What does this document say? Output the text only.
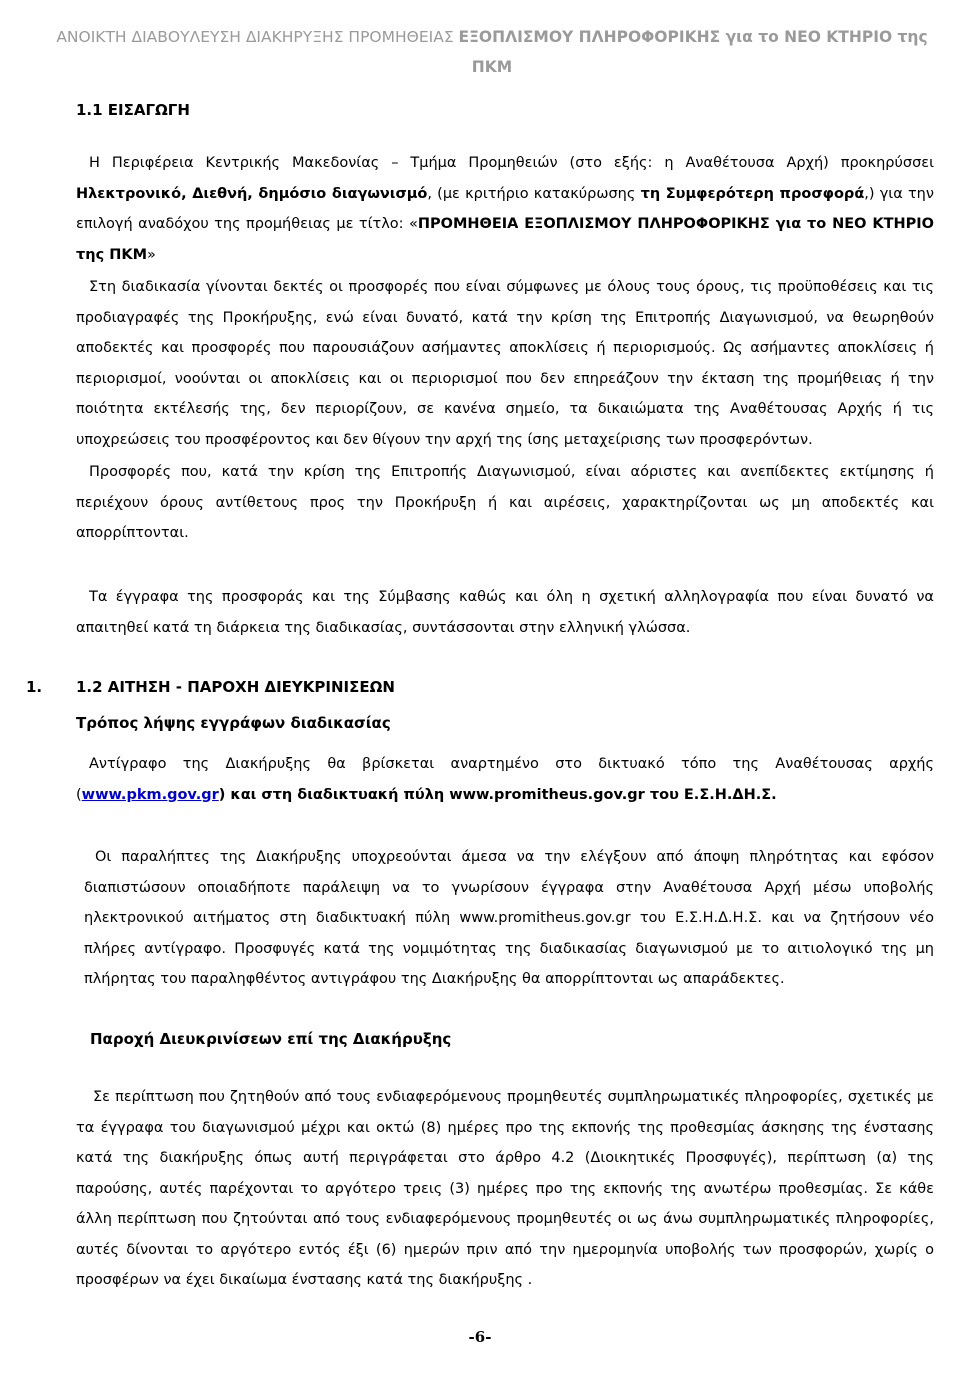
ΑΝΟΙΚΤΗ ΔΙΑΒΟΥΛΕΥΣΗ ΔΙΑΚΗΡΥΞΗΣ ΠΡΟΜΗΘΕΙΑΣ ΕΞΟΠΛΙΣΜΟΥ ΠΛΗΡΟΦΟΡΙΚΗΣ για το ΝΕΟ ΚΤΗΡΙΟ της ΠΚΜ
1.1 ΕΙΣΑΓΩΓΗ
Η Περιφέρεια Κεντρικής Μακεδονίας – Τμήμα Προμηθειών (στο εξής: η Αναθέτουσα Αρχή) προκηρύσσει Ηλεκτρονικό, Διεθνή, δημόσιο διαγωνισμό, (με κριτήριο κατακύρωσης τη Συμφερότερη προσφορά,) για την επιλογή αναδόχου της προμήθειας με τίτλο: «ΠΡΟΜΗΘΕΙΑ ΕΞΟΠΛΙΣΜΟΥ ΠΛΗΡΟΦΟΡΙΚΗΣ για το ΝΕΟ ΚΤΗΡΙΟ της ΠΚΜ»
Στη διαδικασία γίνονται δεκτές οι προσφορές που είναι σύμφωνες με όλους τους όρους, τις προϋποθέσεις και τις προδιαγραφές της Προκήρυξης, ενώ είναι δυνατό, κατά την κρίση της Επιτροπής Διαγωνισμού, να θεωρηθούν αποδεκτές και προσφορές που παρουσιάζουν ασήμαντες αποκλίσεις ή περιορισμούς. Ως ασήμαντες αποκλίσεις ή περιορισμοί, νοούνται οι αποκλίσεις και οι περιορισμοί που δεν επηρεάζουν την έκταση της προμήθειας ή την ποιότητα εκτέλεσής της, δεν περιορίζουν, σε κανένα σημείο, τα δικαιώματα της Αναθέτουσας Αρχής ή τις υποχρεώσεις του προσφέροντος και δεν θίγουν την αρχή της ίσης μεταχείρισης των προσφερόντων.
Προσφορές που, κατά την κρίση της Επιτροπής Διαγωνισμού, είναι αόριστες και ανεπίδεκτες εκτίμησης ή περιέχουν όρους αντίθετους προς την Προκήρυξη ή και αιρέσεις, χαρακτηρίζονται ως μη αποδεκτές και απορρίπτονται.
Τα έγγραφα της προσφοράς και της Σύμβασης καθώς και όλη η σχετική αλληλογραφία που είναι δυνατό να απαιτηθεί κατά τη διάρκεια της διαδικασίας, συντάσσονται στην ελληνική γλώσσα.
1. 1.2 ΑΙΤΗΣΗ - ΠΑΡΟΧΗ ΔΙΕΥΚΡΙΝΙΣΕΩΝ
Τρόπος λήψης εγγράφων διαδικασίας
Αντίγραφο της Διακήρυξης θα βρίσκεται αναρτημένο στο δικτυακό τόπο της Αναθέτουσας αρχής (www.pkm.gov.gr) και στη διαδικτυακή πύλη www.promitheus.gov.gr του Ε.Σ.Η.ΔΗ.Σ.
Οι παραλήπτες της Διακήρυξης υποχρεούνται άμεσα να την ελέγξουν από άποψη πληρότητας και εφόσον διαπιστώσουν οποιαδήποτε παράλειψη να το γνωρίσουν έγγραφα στην Αναθέτουσα Αρχή μέσω υποβολής ηλεκτρονικού αιτήματος στη διαδικτυακή πύλη www.promitheus.gov.gr του Ε.Σ.Η.Δ.Η.Σ. και να ζητήσουν νέο πλήρες αντίγραφο. Προσφυγές κατά της νομιμότητας της διαδικασίας διαγωνισμού με το αιτιολογικό της μη πλήρητας του παραληφθέντος αντιγράφου της Διακήρυξης θα απορρίπτονται ως απαράδεκτες.
Παροχή Διευκρινίσεων επί της Διακήρυξης
Σε περίπτωση που ζητηθούν από τους ενδιαφερόμενους προμηθευτές συμπληρωματικές πληροφορίες, σχετικές με τα έγγραφα του διαγωνισμού μέχρι και οκτώ (8) ημέρες προ της εκπονής της προθεσμίας άσκησης της ένστασης κατά της διακήρυξης όπως αυτή περιγράφεται στο άρθρο 4.2 (Διοικητικές Προσφυγές), περίπτωση (α) της παρούσης, αυτές παρέχονται το αργότερο τρεις (3) ημέρες προ της εκπονής της ανωτέρω προθεσμίας. Σε κάθε άλλη περίπτωση που ζητούνται από τους ενδιαφερόμενους προμηθευτές οι ως άνω συμπληρωματικές πληροφορίες, αυτές δίνονται το αργότερο εντός έξι (6) ημερών πριν από την ημερομηνία υποβολής των προσφορών, χωρίς ο προσφέρων να έχει δικαίωμα ένστασης κατά της διακήρυξης .
-6-
